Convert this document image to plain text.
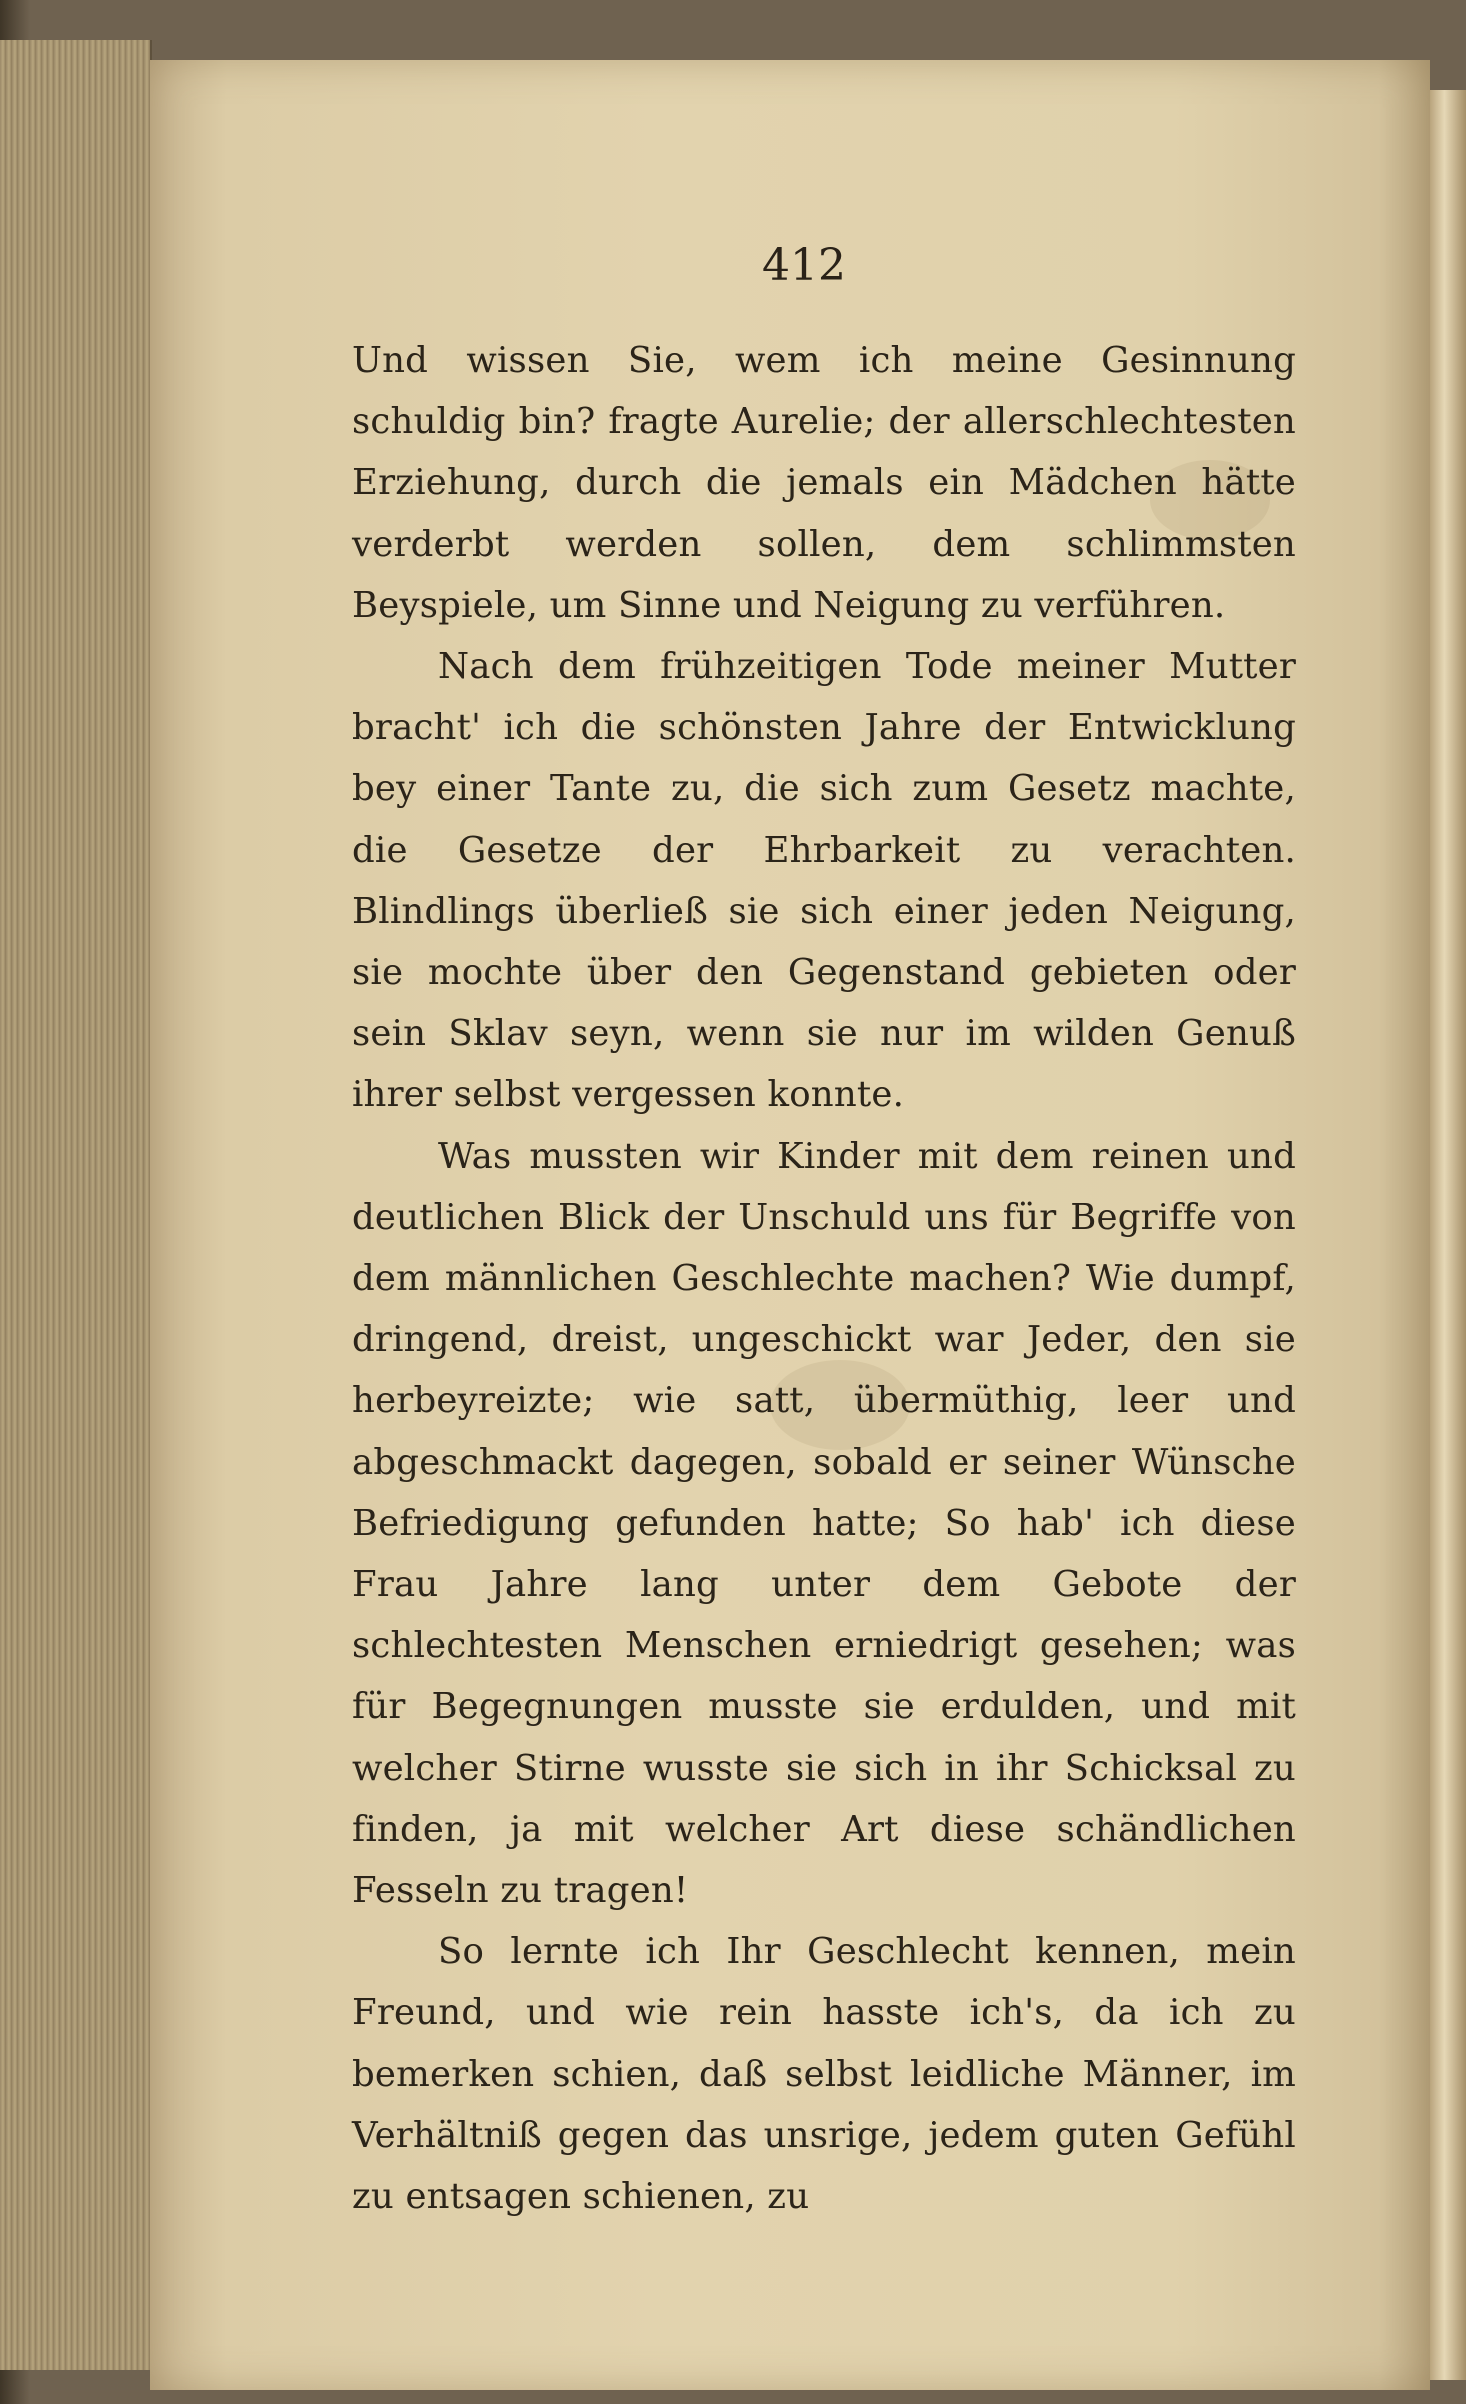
412

Und wissen Sie, wem ich meine Gesinnung schuldig bin? fragte Aurelie; der allerschlechtesten Erziehung, durch die jemals ein Mädchen hätte verderbt werden sollen, dem schlimmsten Beyspiele, um Sinne und Neigung zu verführen.

Nach dem frühzeitigen Tode meiner Mutter bracht' ich die schönsten Jahre der Entwicklung bey einer Tante zu, die sich zum Gesetz machte, die Gesetze der Ehrbarkeit zu verachten. Blindlings überließ sie sich einer jeden Neigung, sie mochte über den Gegenstand gebieten oder sein Sklav seyn, wenn sie nur im wilden Genuß ihrer selbst vergessen konnte.

Was mussten wir Kinder mit dem reinen und deutlichen Blick der Unschuld uns für Begriffe von dem männlichen Geschlechte machen? Wie dumpf, dringend, dreist, ungeschickt war Jeder, den sie herbeyreizte; wie satt, übermüthig, leer und abgeschmackt dagegen, sobald er seiner Wünsche Befriedigung gefunden hatte; So hab' ich diese Frau Jahre lang unter dem Gebote der schlechtesten Menschen erniedrigt gesehen; was für Begegnungen musste sie erdulden, und mit welcher Stirne wusste sie sich in ihr Schicksal zu finden, ja mit welcher Art diese schändlichen Fesseln zu tragen!

So lernte ich Ihr Geschlecht kennen, mein Freund, und wie rein hasste ich's, da ich zu bemerken schien, daß selbst leidliche Männer, im Verhältniß gegen das unsrige, jedem guten Gefühl zu entsagen schienen, zu
